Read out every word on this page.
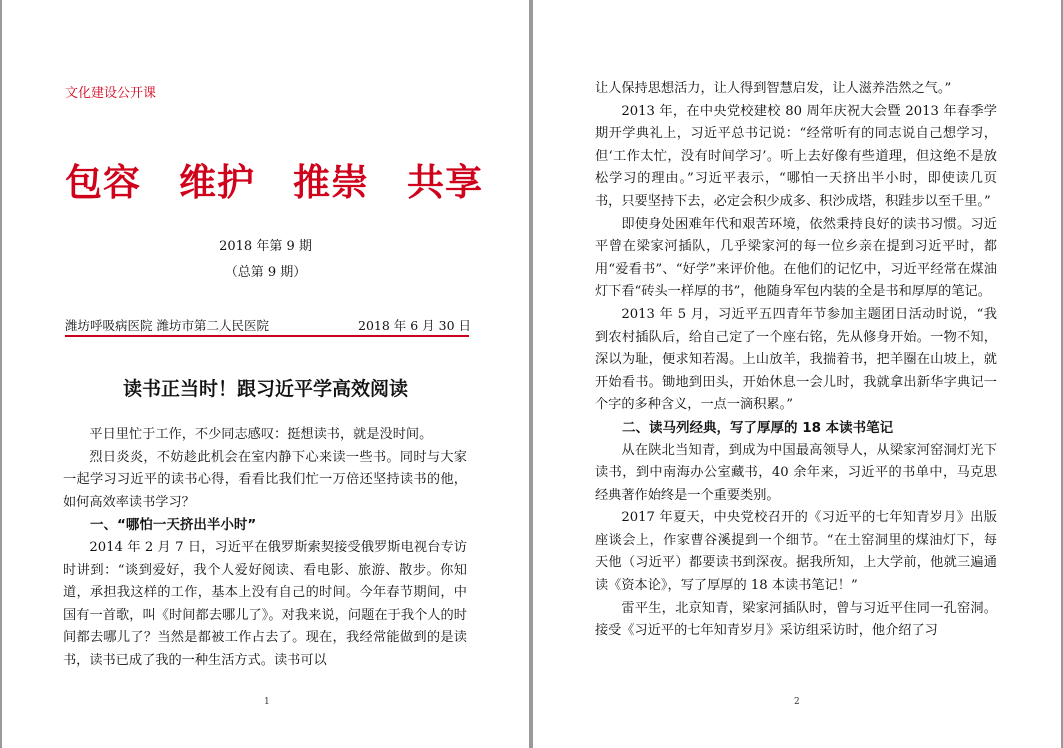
文化建设公开课
包容　维护　推崇　共享
2018 年第 9 期
（总第 9 期）
潍坊呼吸病医院 潍坊市第二人民医院	2018 年 6 月 30 日
读书正当时！跟习近平学高效阅读
1

平日里忙于工作，不少同志感叹：挺想读书，就是没时间。

烈日炎炎，不妨趁此机会在室内静下心来读一些书。同时与大家一起学习习近平的读书心得，看看比我们忙一万倍还坚持读书的他，如何高效率读书学习？

一、“哪怕一天挤出半小时”

2014 年 2 月 7 日，习近平在俄罗斯索契接受俄罗斯电视台专访时讲到：“谈到爱好，我个人爱好阅读、看电影、旅游、散步。你知道，承担我这样的工作，基本上没有自己的时间。今年春节期间，中国有一首歌，叫《时间都去哪儿了》。对我来说，问题在于我个人的时间都去哪儿了？当然是都被工作占去了。现在，我经常能做到的是读书，读书已成了我的一种生活方式。读书可以

2

让人保持思想活力，让人得到智慧启发，让人滋养浩然之气。”

2013 年，在中央党校建校 80 周年庆祝大会暨 2013 年春季学期开学典礼上，习近平总书记说：“经常听有的同志说自己想学习，但‘工作太忙，没有时间学习’。听上去好像有些道理，但这绝不是放松学习的理由。”习近平表示，“哪怕一天挤出半小时，即使读几页书，只要坚持下去，必定会积少成多、积沙成塔，积跬步以至千里。”

即使身处困难年代和艰苦环境，依然秉持良好的读书习惯。习近平曾在梁家河插队，几乎梁家河的每一位乡亲在提到习近平时，都用“爱看书”、“好学”来评价他。在他们的记忆中，习近平经常在煤油灯下看“砖头一样厚的书”，他随身军包内装的全是书和厚厚的笔记。

2013 年 5 月，习近平五四青年节参加主题团日活动时说，“我到农村插队后，给自己定了一个座右铭，先从修身开始。一物不知，深以为耻，便求知若渴。上山放羊，我揣着书，把羊圈在山坡上，就开始看书。锄地到田头，开始休息一会儿时，我就拿出新华字典记一个字的多种含义，一点一滴积累。”

二、读马列经典，写了厚厚的 18 本读书笔记

从在陕北当知青，到成为中国最高领导人，从梁家河窑洞灯光下读书，到中南海办公室藏书，40 余年来，习近平的书单中，马克思经典著作始终是一个重要类别。

2017 年夏天，中央党校召开的《习近平的七年知青岁月》出版座谈会上，作家曹谷溪提到一个细节。“在土窑洞里的煤油灯下，每天他（习近平）都要读书到深夜。据我所知，上大学前，他就三遍通读《资本论》，写了厚厚的 18 本读书笔记！”

雷平生，北京知青，梁家河插队时，曾与习近平住同一孔窑洞。接受《习近平的七年知青岁月》采访组采访时，他介绍了习
